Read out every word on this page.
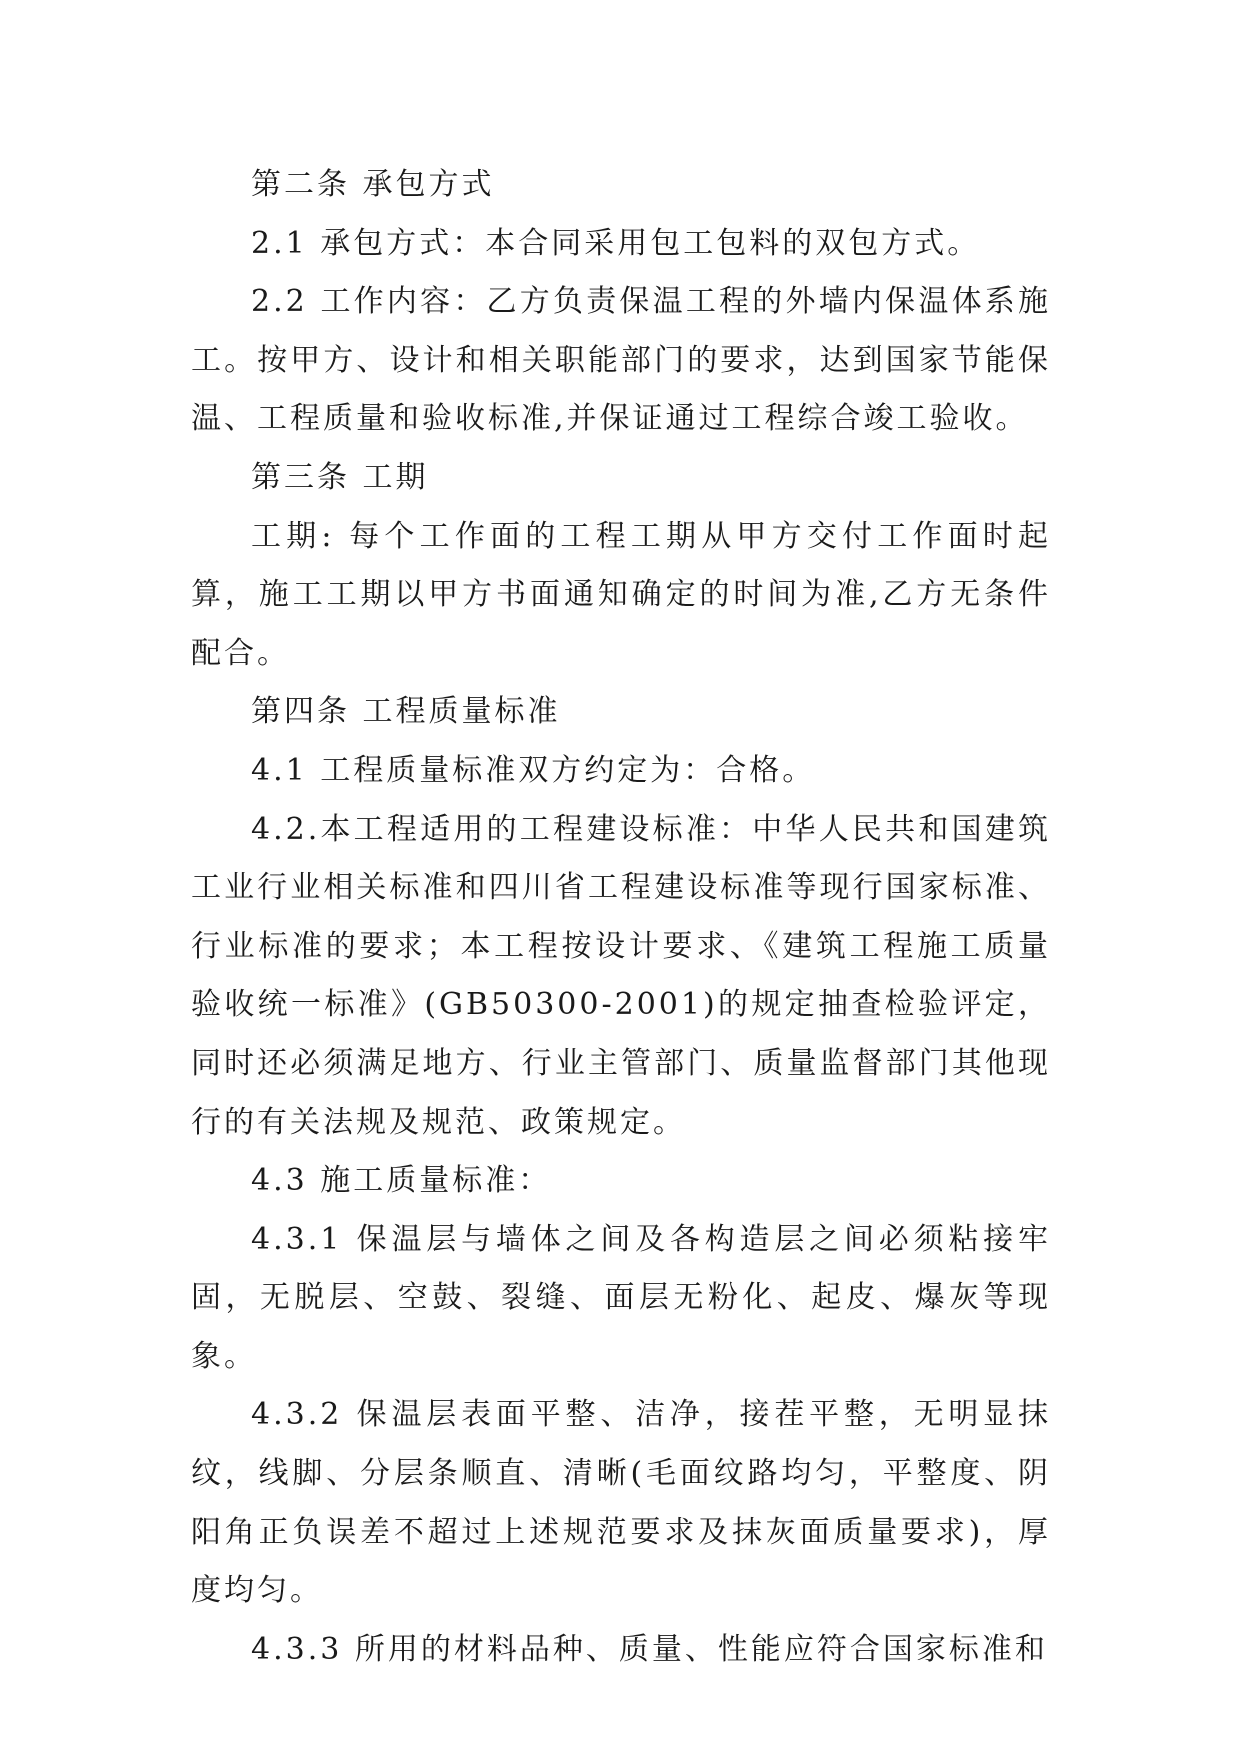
第二条 承包方式

2.1 承包方式：本合同采用包工包料的双包方式。

2.2 工作内容：乙方负责保温工程的外墙内保温体系施工。按甲方、设计和相关职能部门的要求，达到国家节能保温、工程质量和验收标准,并保证通过工程综合竣工验收。

第三条 工期

工期: 每个工作面的工程工期从甲方交付工作面时起算，施工工期以甲方书面通知确定的时间为准,乙方无条件配合。

第四条 工程质量标准

4.1 工程质量标准双方约定为：合格。

4.2.本工程适用的工程建设标准：中华人民共和国建筑工业行业相关标准和四川省工程建设标准等现行国家标准、行业标准的要求；本工程按设计要求、《建筑工程施工质量验收统一标准》(GB50300-2001)的规定抽查检验评定，同时还必须满足地方、行业主管部门、质量监督部门其他现行的有关法规及规范、政策规定。

4.3 施工质量标准：

4.3.1 保温层与墙体之间及各构造层之间必须粘接牢固，无脱层、空鼓、裂缝、面层无粉化、起皮、爆灰等现象。

4.3.2 保温层表面平整、洁净，接茬平整，无明显抹纹，线脚、分层条顺直、清晰(毛面纹路均匀，平整度、阴阳角正负误差不超过上述规范要求及抹灰面质量要求)，厚度均匀。

4.3.3 所用的材料品种、质量、性能应符合国家标准和
